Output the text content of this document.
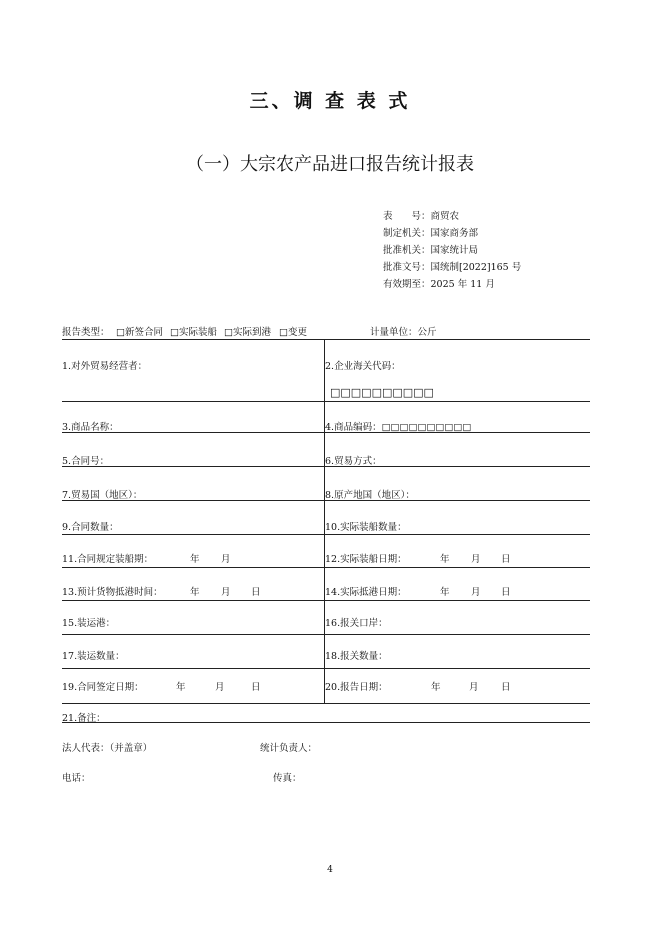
三、调 查 表 式
（一）大宗农产品进口报告统计报表
表　　号：商贸农
制定机关：国家商务部
批准机关：国家统计局
批准文号：国统制[2022]165 号
有效期至：2025 年 11 月
报告类型： □新签合同 □实际装船 □实际到港 □变更	计量单位：公斤
1.对外贸易经营者：	2.企业海关代码：
□□□□□□□□□□
3.商品名称：	4.商品编码：□□□□□□□□□□
5.合同号：	6.贸易方式：
7.贸易国（地区）：	8.原产地国（地区）：
9.合同数量：	10.实际装船数量：
11.合同规定装船期：	年 月	12.实际装船日期：	年 月 日
13.预计货物抵港时间：	年 月 日	14.实际抵港日期：	年 月 日
15.装运港：	16.报关口岸：
17.装运数量：	18.报关数量：
19.合同签定日期：	年	月	日	20.报告日期：	年	月 日
21.备注：
法人代表：（并盖章）	统计负责人：
电话：	传真：
4
